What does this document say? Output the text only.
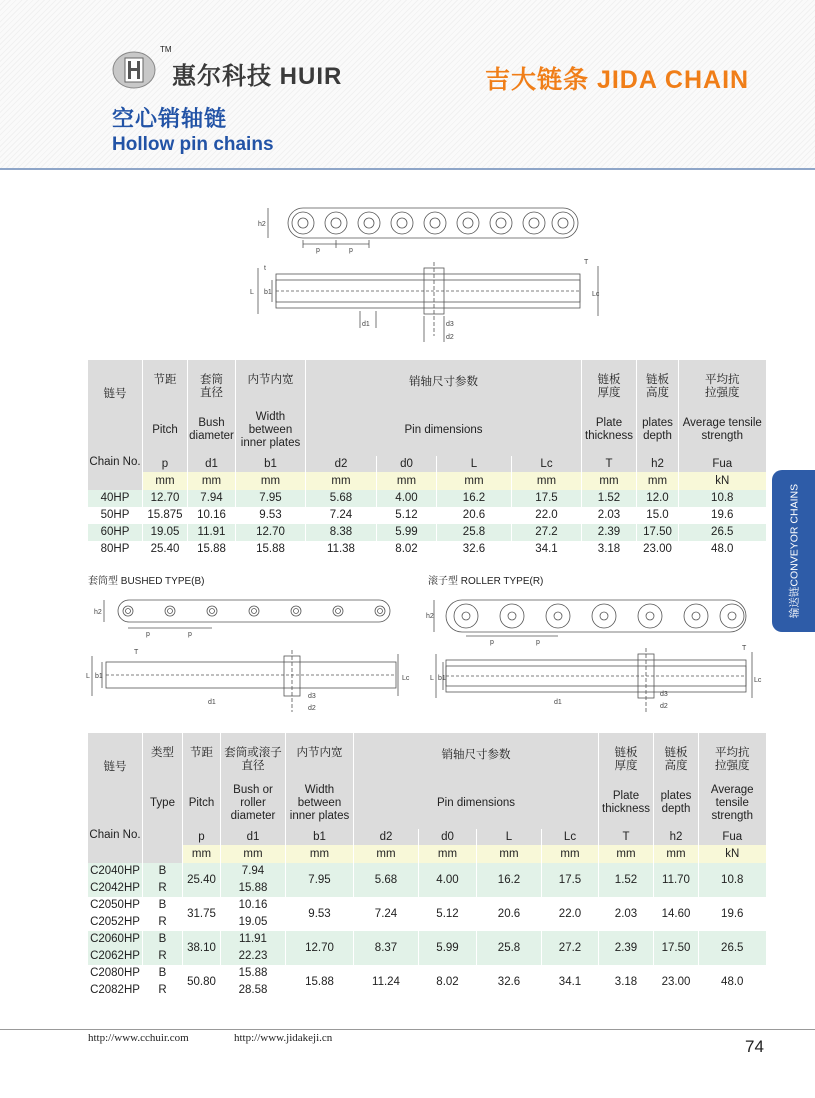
TM
惠尔科技 HUIR	吉大链条 JIDA CHAIN
空心销轴链
Hollow pin chains
h2
p	p
L b1
t
T
Lc
d1	d3
d2
链号	节距	套筒
直径	内节内宽	销轴尺寸参数				链板
厚度	链板
高度	平均抗
拉强度
	Pitch	Bush diameter	Width between inner plates	Pin dimensions				Plate thickness	plates depth	Average tensile strength
Chain No.	p	d1	b1	d2	d0	L	Lc	T	h2	Fua
	mm	mm	mm	mm	mm	mm	mm	mm	mm	kN
40HP	12.70	7.94	7.95	5.68	4.00	16.2	17.5	1.52	12.0	10.8
50HP	15.875	10.16	9.53	7.24	5.12	20.6	22.0	2.03	15.0	19.6
60HP	19.05	11.91	12.70	8.38	5.99	25.8	27.2	2.39	17.50	26.5
80HP	25.40	15.88	15.88	11.38	8.02	32.6	34.1	3.18	23.00	48.0	输送链CONVEYOR CHAINS
套筒型 BUSHED TYPE(B)	滚子型 ROLLER TYPE(R)
h2
p	p
L b1
T
Lc
d1
d3
d2
h2
p	p
L b1
T
Lc
d1
d3
d2
链号	类型	节距	套筒或滚子
直径	内节内宽	销轴尺寸参数				链板
厚度	链板
高度	平均抗
拉强度
	Type	Pitch	Bush or roller diameter	Width between inner plates	Pin dimensions				Plate thickness	plates depth	Average tensile strength
Chain No.		p	d1	b1	d2	d0	L	Lc	T	h2	Fua
		mm	mm	mm	mm	mm	mm	mm	mm	mm	kN
C2040HP	B	25.40	7.94	7.95	5.68	4.00	16.2	17.5	1.52	11.70	10.8
C2042HP	R		15.88								
C2050HP	B	31.75	10.16	9.53	7.24	5.12	20.6	22.0	2.03	14.60	19.6
C2052HP	R		19.05								
C2060HP	B	38.10	11.91	12.70	8.37	5.99	25.8	27.2	2.39	17.50	26.5
C2062HP	R		22.23								
C2080HP	B	50.80	15.88	15.88	11.24	8.02	32.6	34.1	3.18	23.00	48.0
C2082HP	R		28.58								
http://www.cchuir.com	http://www.jidakeji.cn	74
